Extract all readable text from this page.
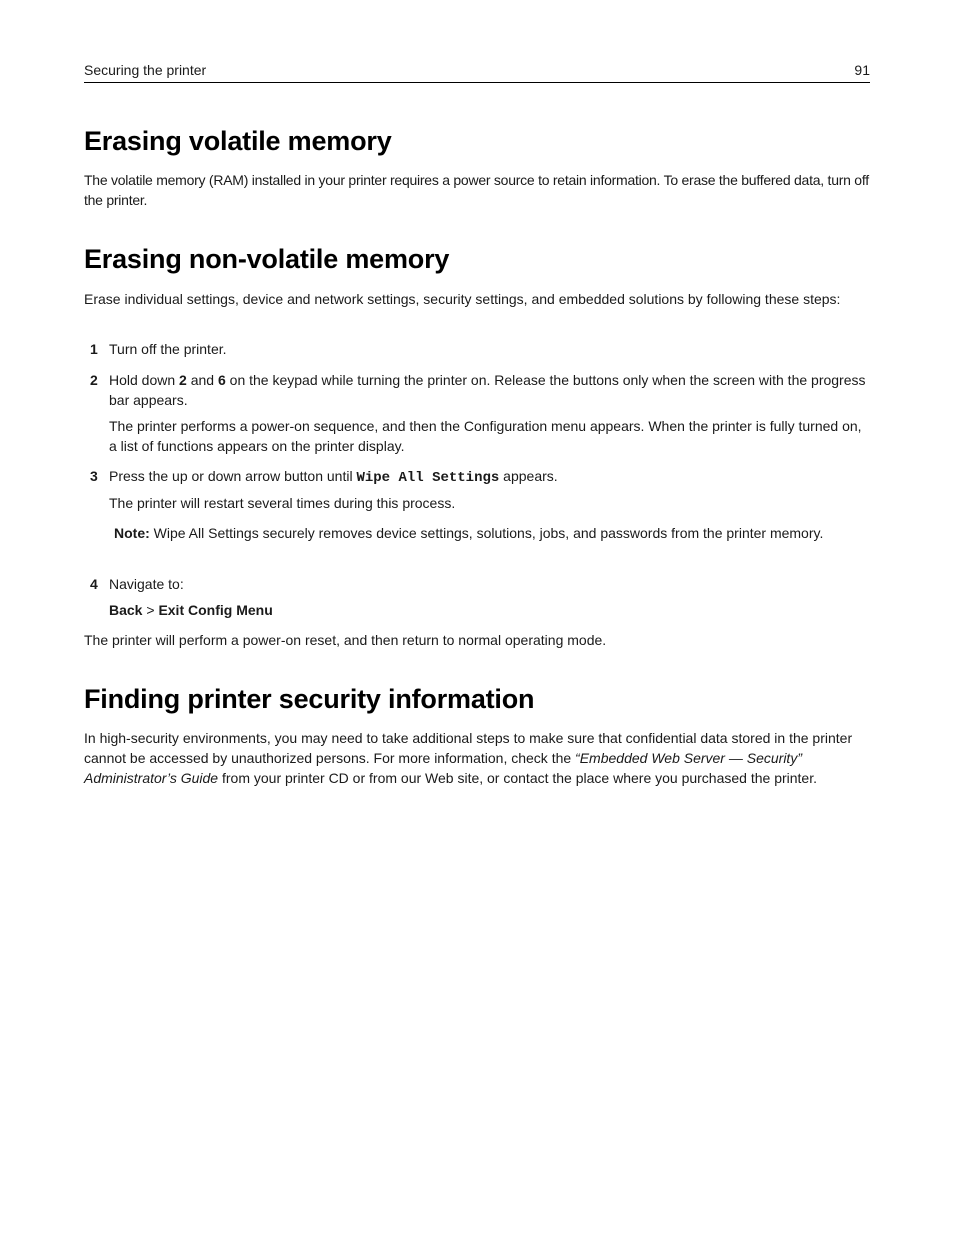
Securing the printer	91
Erasing volatile memory

The volatile memory (RAM) installed in your printer requires a power source to retain information. To erase the buffered data, turn off the printer.

Erasing non-volatile memory

Erase individual settings, device and network settings, security settings, and embedded solutions by following these steps:

1 Turn off the printer.

2 Hold down 2 and 6 on the keypad while turning the printer on. Release the buttons only when the screen with the progress bar appears.

The printer performs a power-on sequence, and then the Configuration menu appears. When the printer is fully turned on, a list of functions appears on the printer display.

3 Press the up or down arrow button until Wipe All Settings appears.

The printer will restart several times during this process.

Note: Wipe All Settings securely removes device settings, solutions, jobs, and passwords from the printer memory.

4 Navigate to:

Back > Exit Config Menu

The printer will perform a power-on reset, and then return to normal operating mode.

Finding printer security information

In high-security environments, you may need to take additional steps to make sure that confidential data stored in the printer cannot be accessed by unauthorized persons. For more information, check the “Embedded Web Server — Security” Administrator’s Guide from your printer CD or from our Web site, or contact the place where you purchased the printer.
